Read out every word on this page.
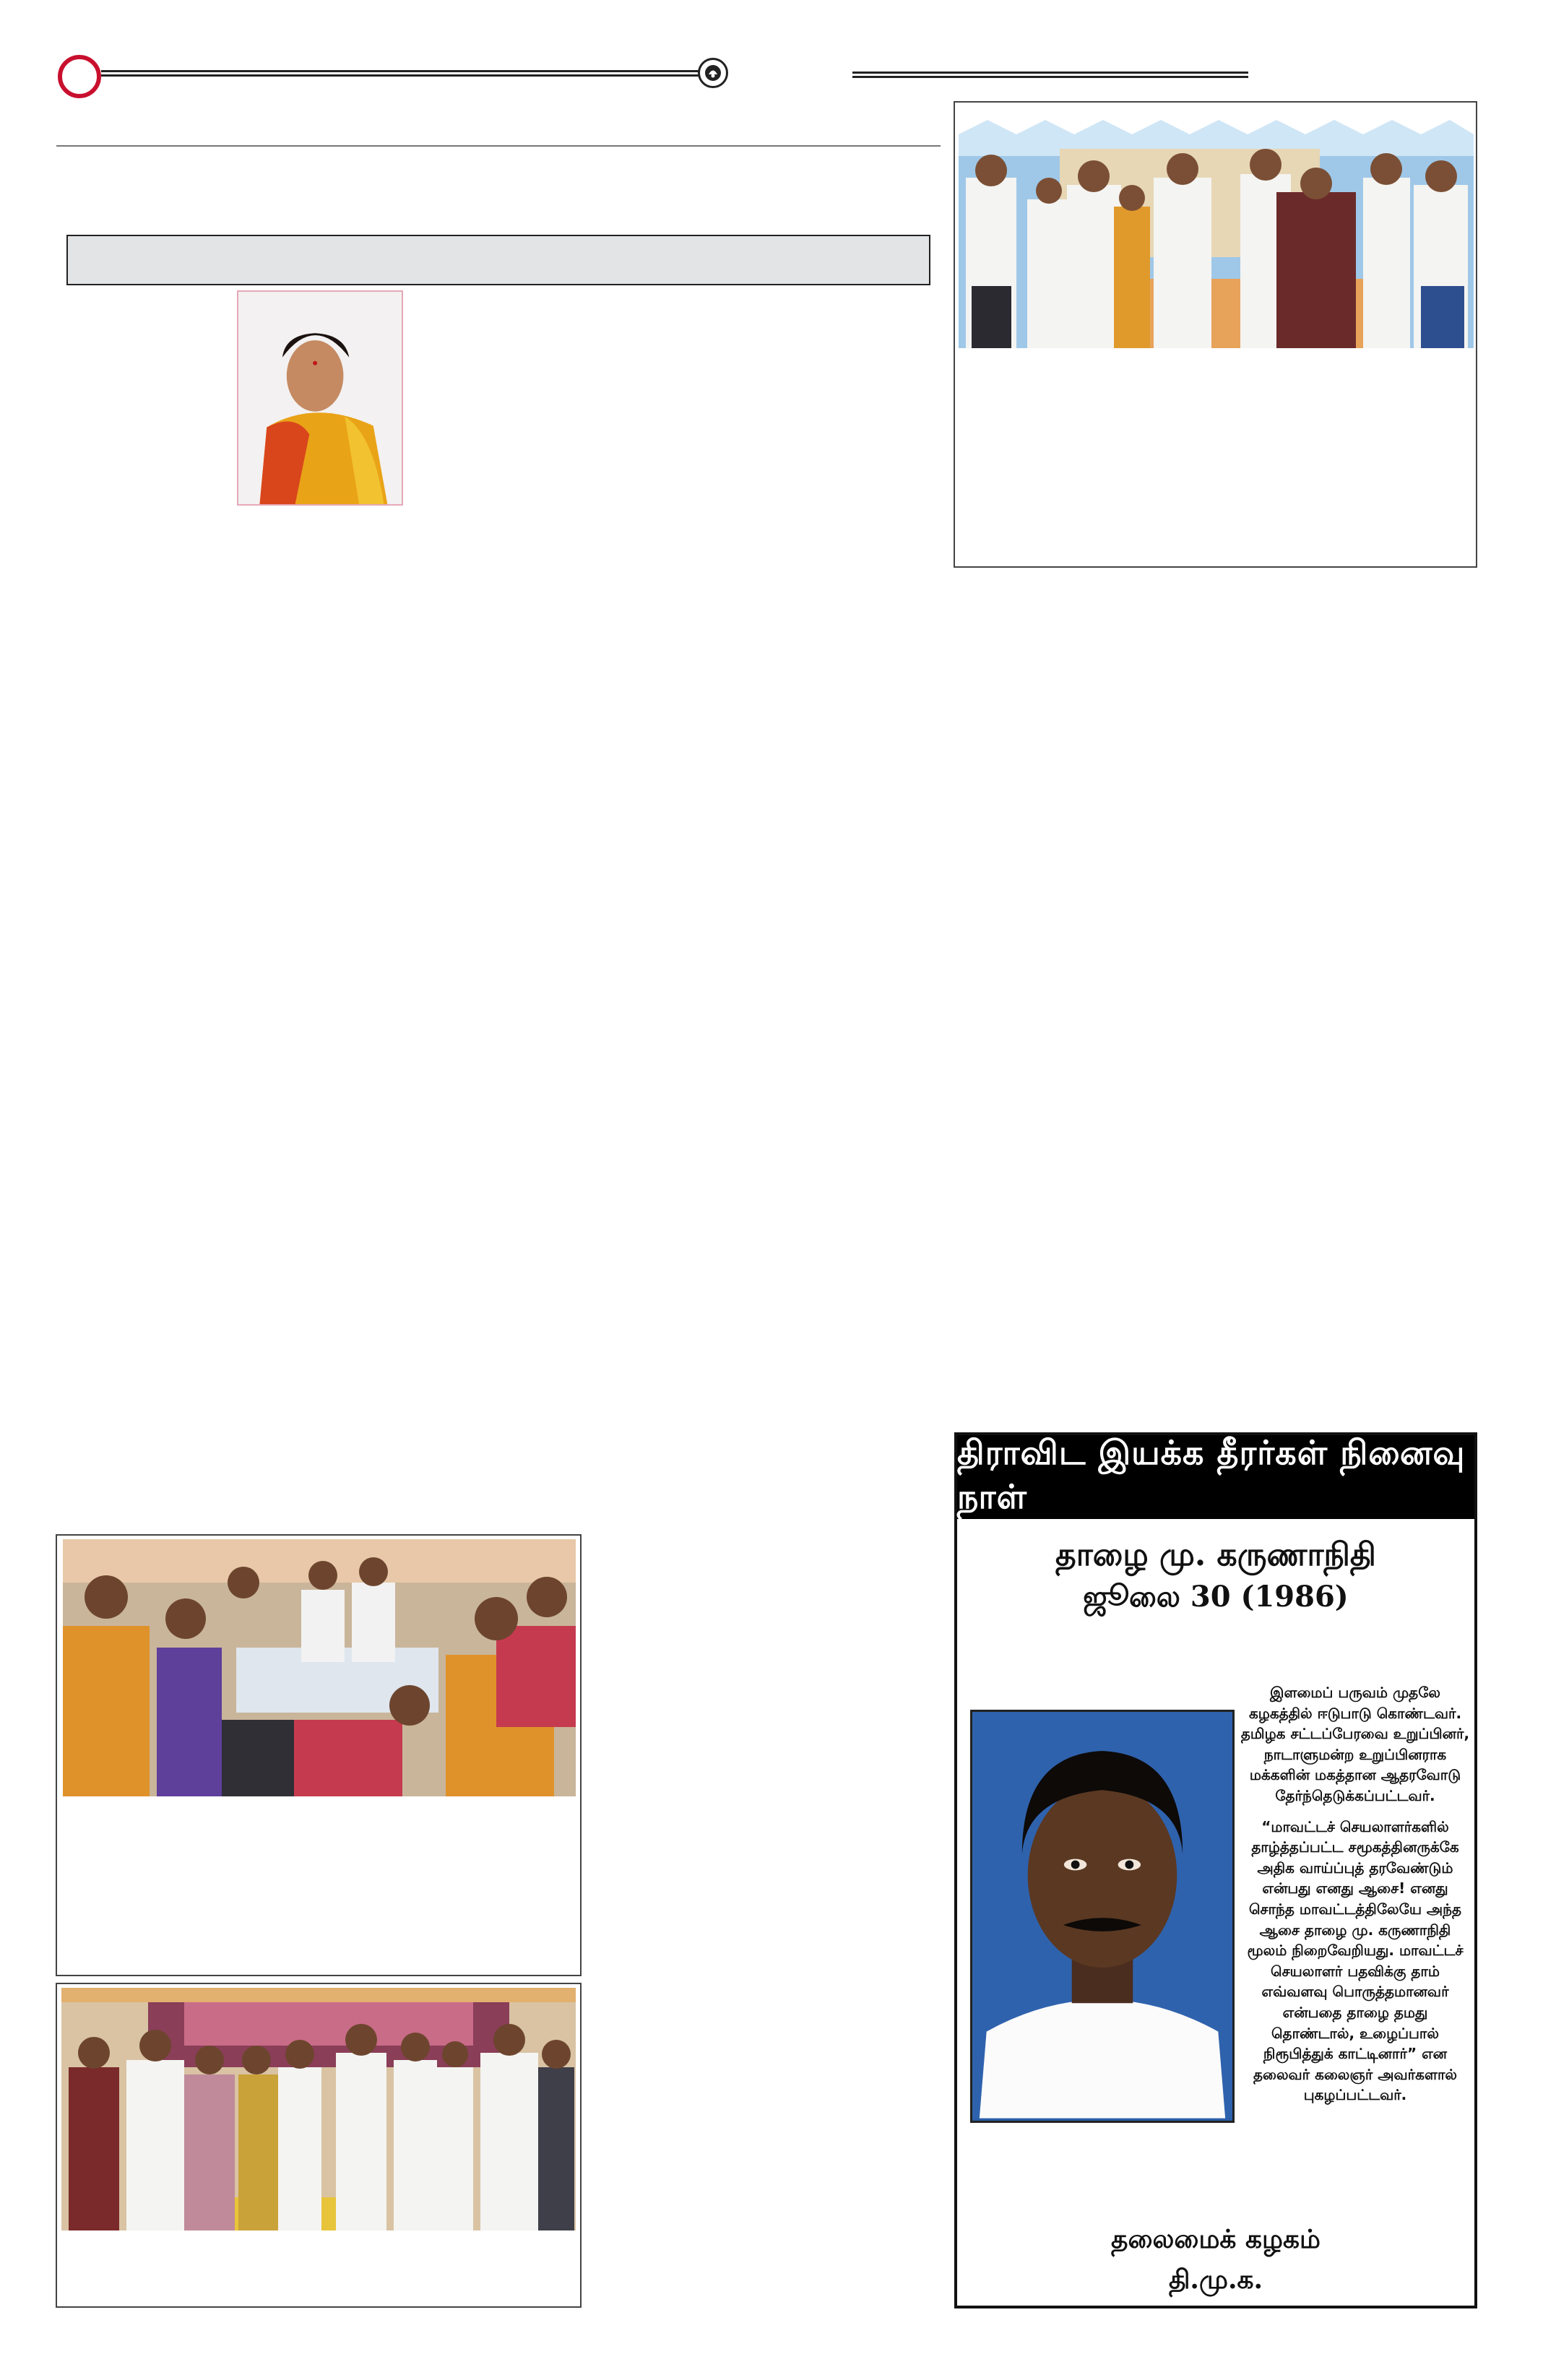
திராவிட இயக்க தீரர்கள் நினைவு நாள்
தாழை மு. கருணாநிதி
ஜூலை 30 (1986)

இளமைப் பருவம் முதலே கழகத்தில் ஈடுபாடு கொண்டவர். தமிழக சட்டப்பேரவை உறுப்பினர், நாடாளுமன்ற உறுப்பினராக மக்களின் மகத்தான ஆதரவோடு தேர்ந்தெடுக்கப்பட்டவர்.

“மாவட்டச் செயலாளர்களில் தாழ்த்தப்பட்ட சமூகத்தினருக்கே அதிக வாய்ப்புத் தரவேண்டும் என்பது எனது ஆசை! எனது சொந்த மாவட்டத்திலேயே அந்த ஆசை தாழை மு. கருணாநிதி மூலம் நிறைவேறியது. மாவட்டச் செயலாளர் பதவிக்கு தாம் எவ்வளவு பொருத்தமானவர் என்பதை தாழை தமது தொண்டால், உழைப்பால் நிரூபித்துக் காட்டினார்” என தலைவர் கலைஞர் அவர்களால் புகழப்பட்டவர்.

தலைமைக் கழகம்
தி.மு.க.
